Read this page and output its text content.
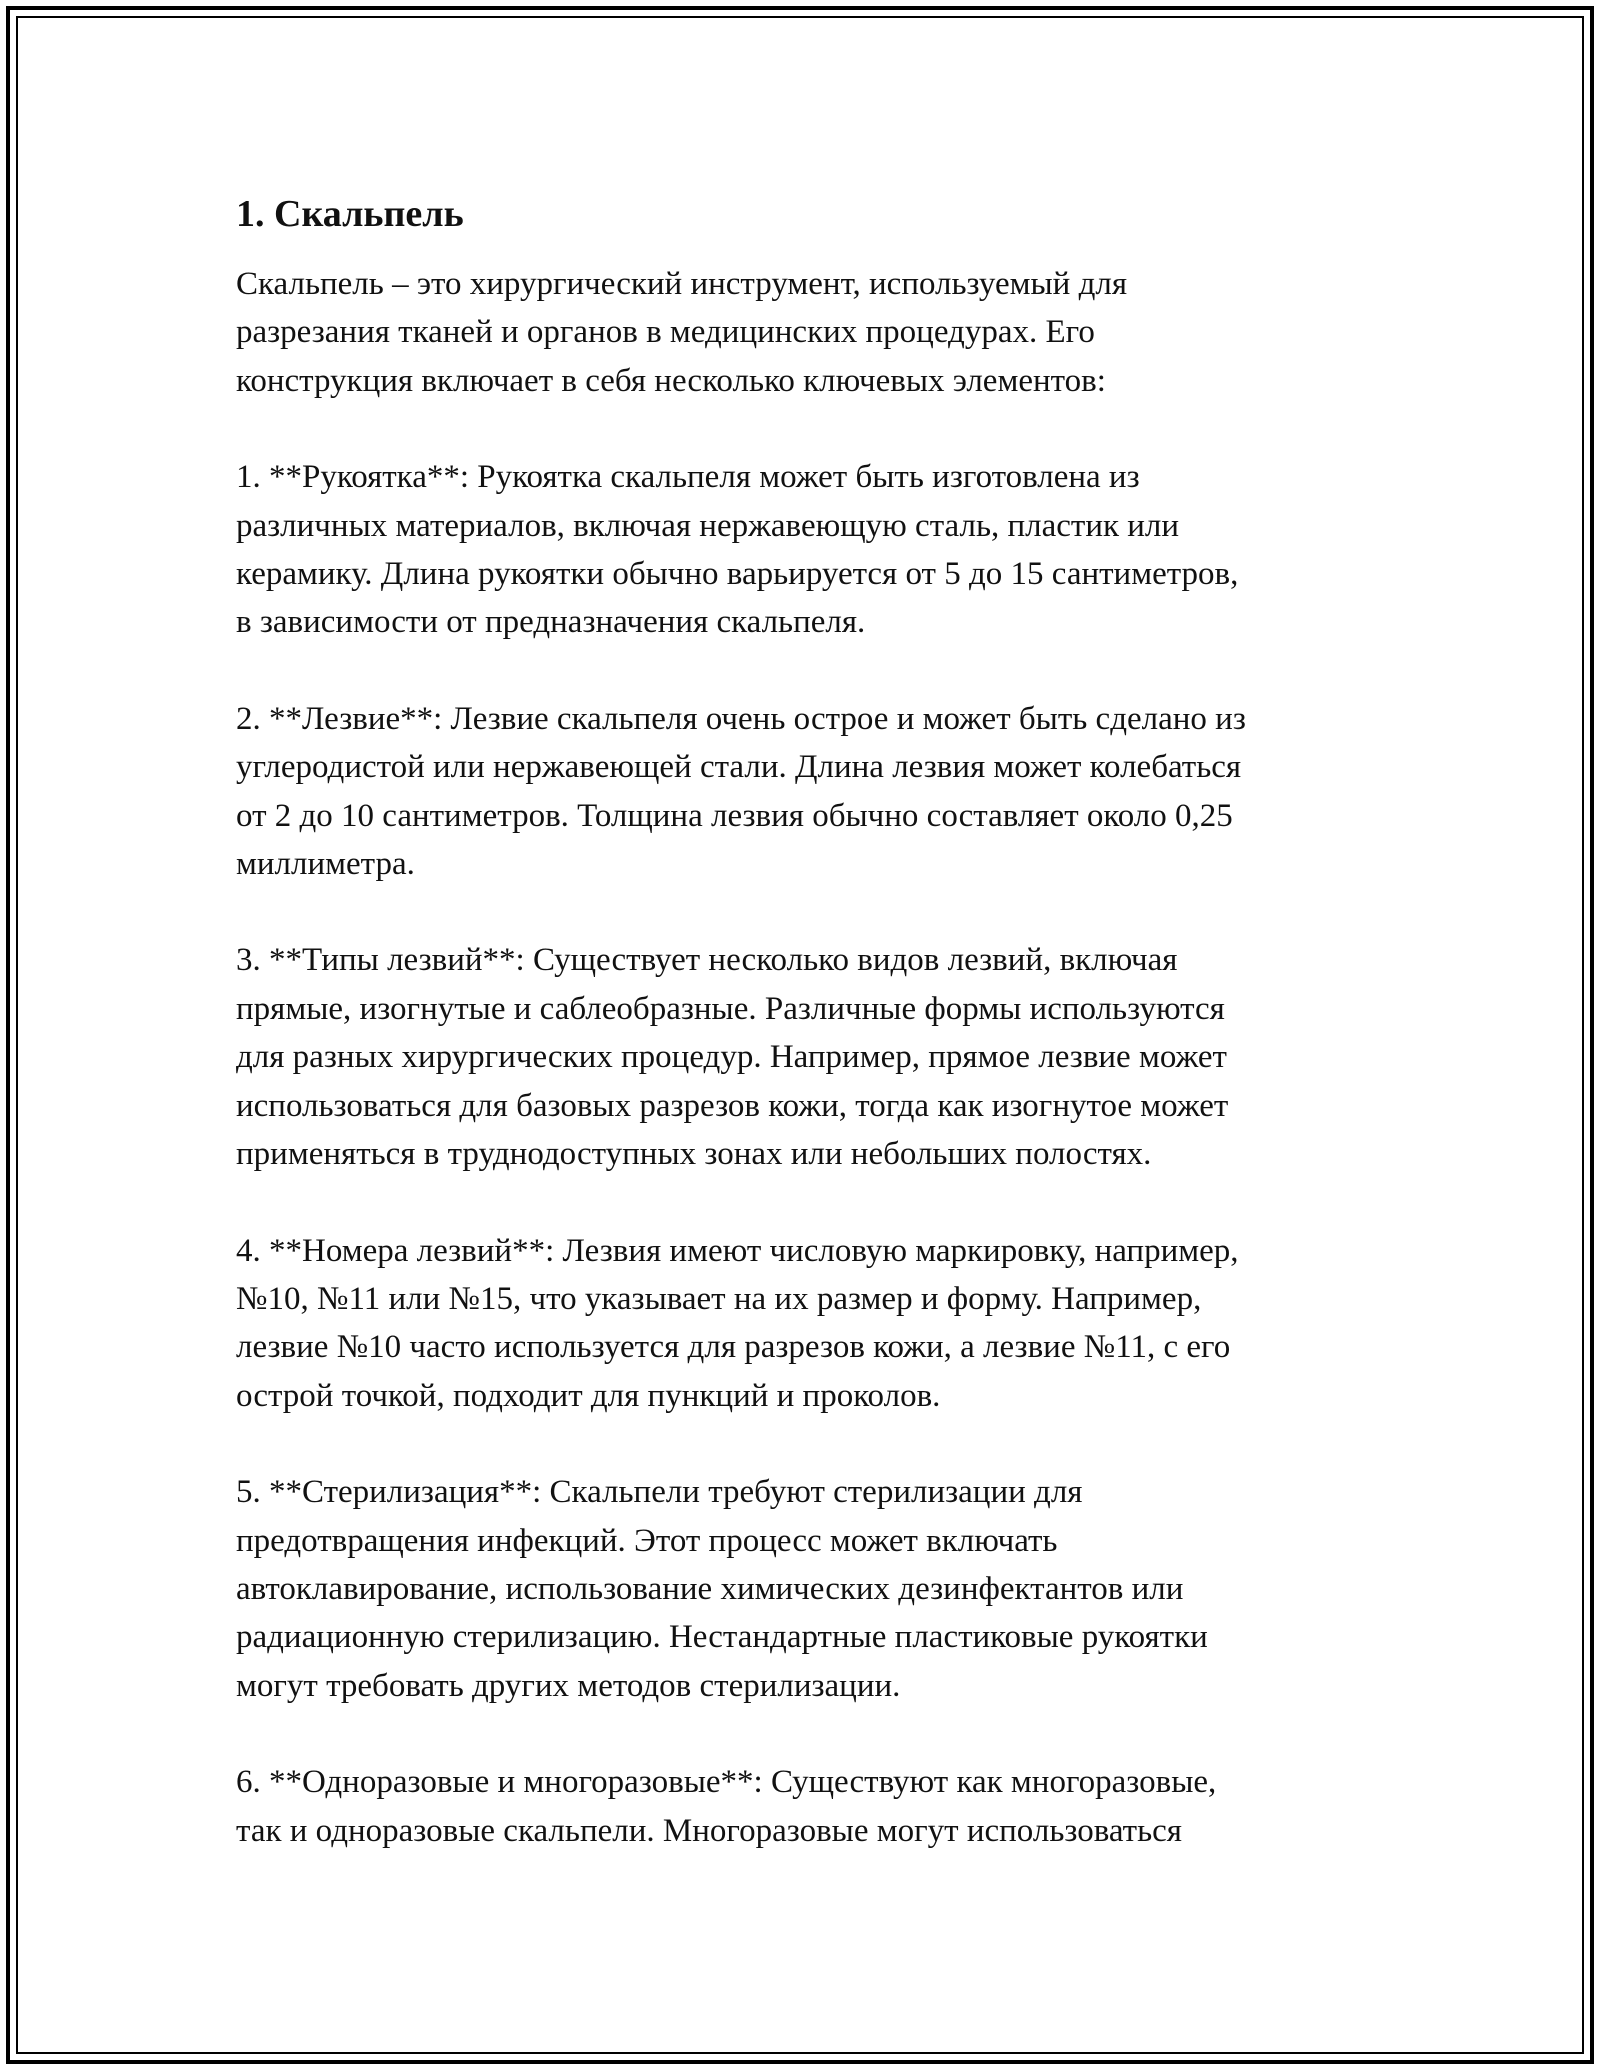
1. Скальпель
Скальпель – это хирургический инструмент, используемый для
разрезания тканей и органов в медицинских процедурах. Его
конструкция включает в себя несколько ключевых элементов:
1. **Рукоятка**: Рукоятка скальпеля может быть изготовлена из
различных материалов, включая нержавеющую сталь, пластик или
керамику. Длина рукоятки обычно варьируется от 5 до 15 сантиметров,
в зависимости от предназначения скальпеля.
2. **Лезвие**: Лезвие скальпеля очень острое и может быть сделано из
углеродистой или нержавеющей стали. Длина лезвия может колебаться
от 2 до 10 сантиметров. Толщина лезвия обычно составляет около 0,25
миллиметра.
3. **Типы лезвий**: Существует несколько видов лезвий, включая
прямые, изогнутые и саблеобразные. Различные формы используются
для разных хирургических процедур. Например, прямое лезвие может
использоваться для базовых разрезов кожи, тогда как изогнутое может
применяться в труднодоступных зонах или небольших полостях.
4. **Номера лезвий**: Лезвия имеют числовую маркировку, например,
№10, №11 или №15, что указывает на их размер и форму. Например,
лезвие №10 часто используется для разрезов кожи, а лезвие №11, с его
острой точкой, подходит для пункций и проколов.
5. **Стерилизация**: Скальпели требуют стерилизации для
предотвращения инфекций. Этот процесс может включать
автоклавирование, использование химических дезинфектантов или
радиационную стерилизацию. Нестандартные пластиковые рукоятки
могут требовать других методов стерилизации.
6. **Одноразовые и многоразовые**: Существуют как многоразовые,
так и одноразовые скальпели. Многоразовые могут использоваться
